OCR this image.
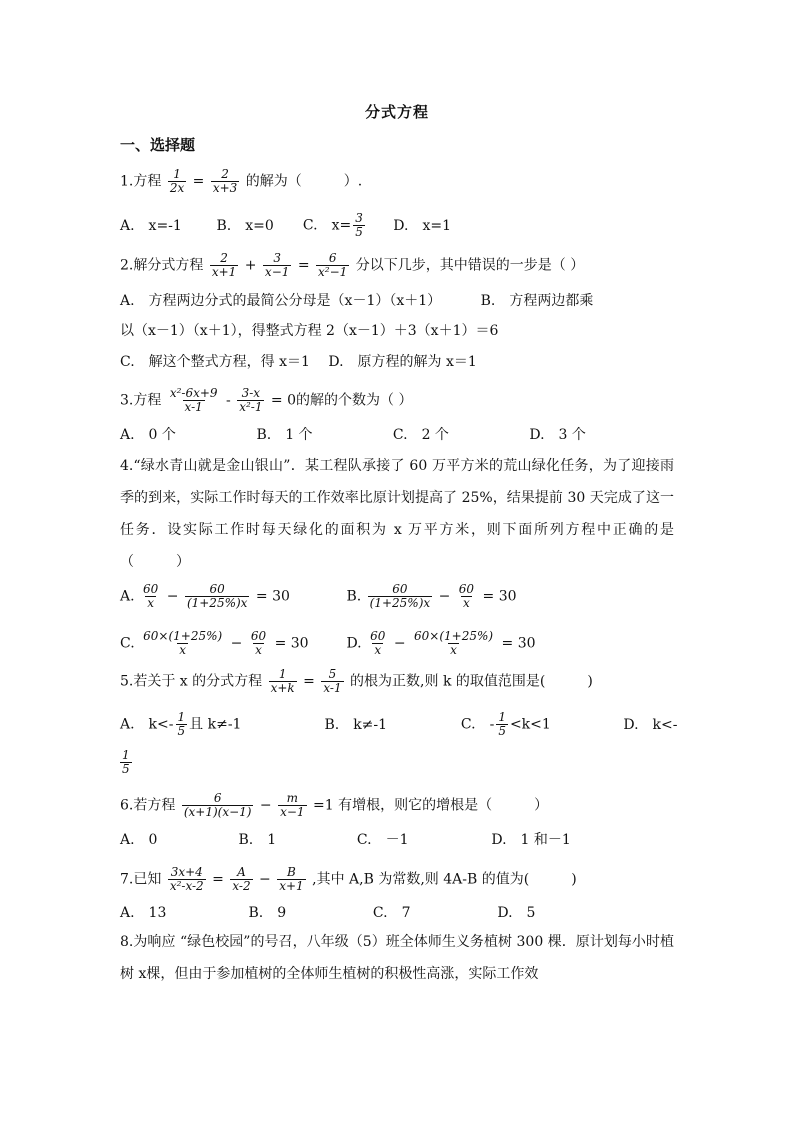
分式方程
一、选择题
1.方程 $\frac{1}{2x} = \frac{2}{x+3}$ 的解为（　　　）.
A.　x=-1 B.　x=0 C.　$x= \frac{3}{5} D$.　x=1
2.解分式方程 $\frac{2}{x+1} + \frac{3}{x-1} = \frac{6}{\text{x²−1}}$ 分以下几步，其中错误的一步是（ ）
A.　方程两边分式的最简公分母是（x－1）（x＋1）　　　 B.　方程两边都乘
以（x－1）（x＋1），得整式方程 2（x－1）＋3（x＋1）＝6
C.　解这个整式方程，得 x＝1　 D.　原方程的解为 x＝1
3.方程 $\frac{\text{x²-6x+9}}{x-1} - \frac{3-x}{\text{x²-1}} = 0$的解的个数为（ ）
A.　0 个	B.　1 个	C.　2 个	D.　3 个
4.“绿水青山就是金山银山”．某工程队承接了 60 万平方米的荒山绿化任务，为了迎接雨季的到来，实际工作时每天的工作效率比原计划提高了 25%，结果提前 30 天完成了这一任务．设实际工作时每天绿化的面积为 x 万平方米，则下面所列方程中正确的是（　　　）
A. $\frac{60}{x} - \frac{60}{(1+25\%)x} = 30$	B. $\frac{60}{(1+25\%)x} - \frac{60}{x} = 30$
C. $\frac{60\times(1+25\%)}{x} - \frac{60}{x} = 30$	D. $\frac{60}{x} - \frac{60\times(1+25\%)}{x} = 30$
5.若关于 x 的分式方程 $\frac{1}{x+k} = \frac{5}{x-1}$ 的根为正数,则 k 的取值范围是(　　　)
A.　$k<- \frac{1}{5}$ 且 k≠-1	B.　k≠-1	C.　- $\frac{1}{5} <k<1$	D.　k<-
$\frac{1}{5}$
6.若方程 $\frac{6}{(x+1)(x-1)} - \frac{m}{x-1} =1$ 有增根，则它的增根是（　　　）
A.　0	B.　1	C.　－1	D.　1 和－1
7.已知 $\frac{3x+4}{\text{x²-x-2}} = \frac{A}{x-2} - \frac{B}{x+1}$ ,其中 A,B 为常数,则 4A-B 的值为(　　　)
A.　13	B.　9	C.　7	D.　5
8.为响应 “绿色校园”的号召，八年级（5）班全体师生义务植树 300 棵．原计划每小时植树 x棵，但由于参加植树的全体师生植树的积极性高涨，实际工作效
